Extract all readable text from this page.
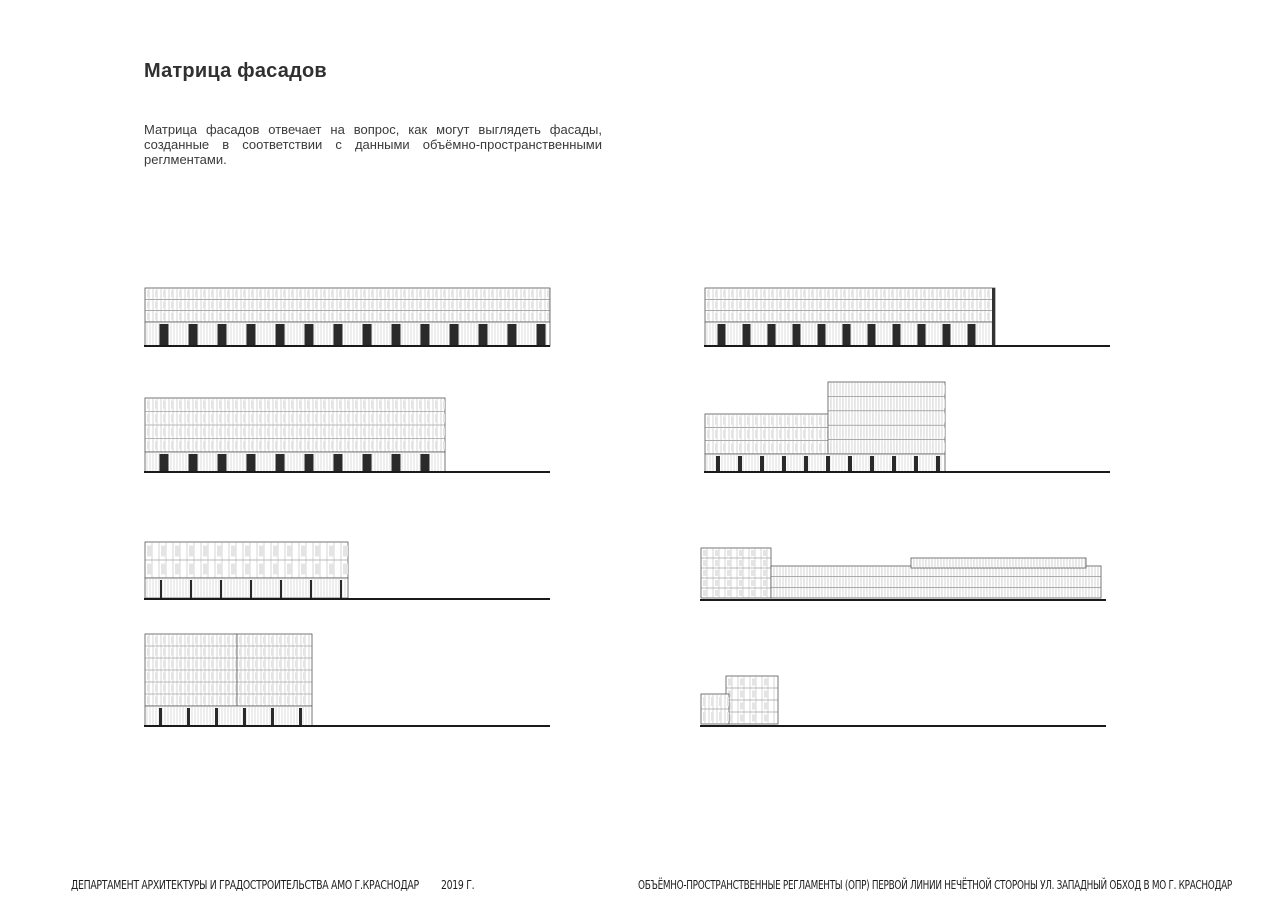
Матрица фасадов
Матрица фасадов отвечает на вопрос, как могут выглядеть фасады, созданные в соответствии с данными объёмно-пространственными реглментами.
ДЕПАРТАМЕНТ АРХИТЕКТУРЫ И ГРАДОСТРОИТЕЛЬСТВА АМО Г.КРАСНОДАР 2019 Г.	ОБЪЁМНО-ПРОСТРАНСТВЕННЫЕ РЕГЛАМЕНТЫ (ОПР) ПЕРВОЙ ЛИНИИ НЕЧЁТНОЙ СТОРОНЫ УЛ. ЗАПАДНЫЙ ОБХОД В МО Г. КРАСНОДАР
